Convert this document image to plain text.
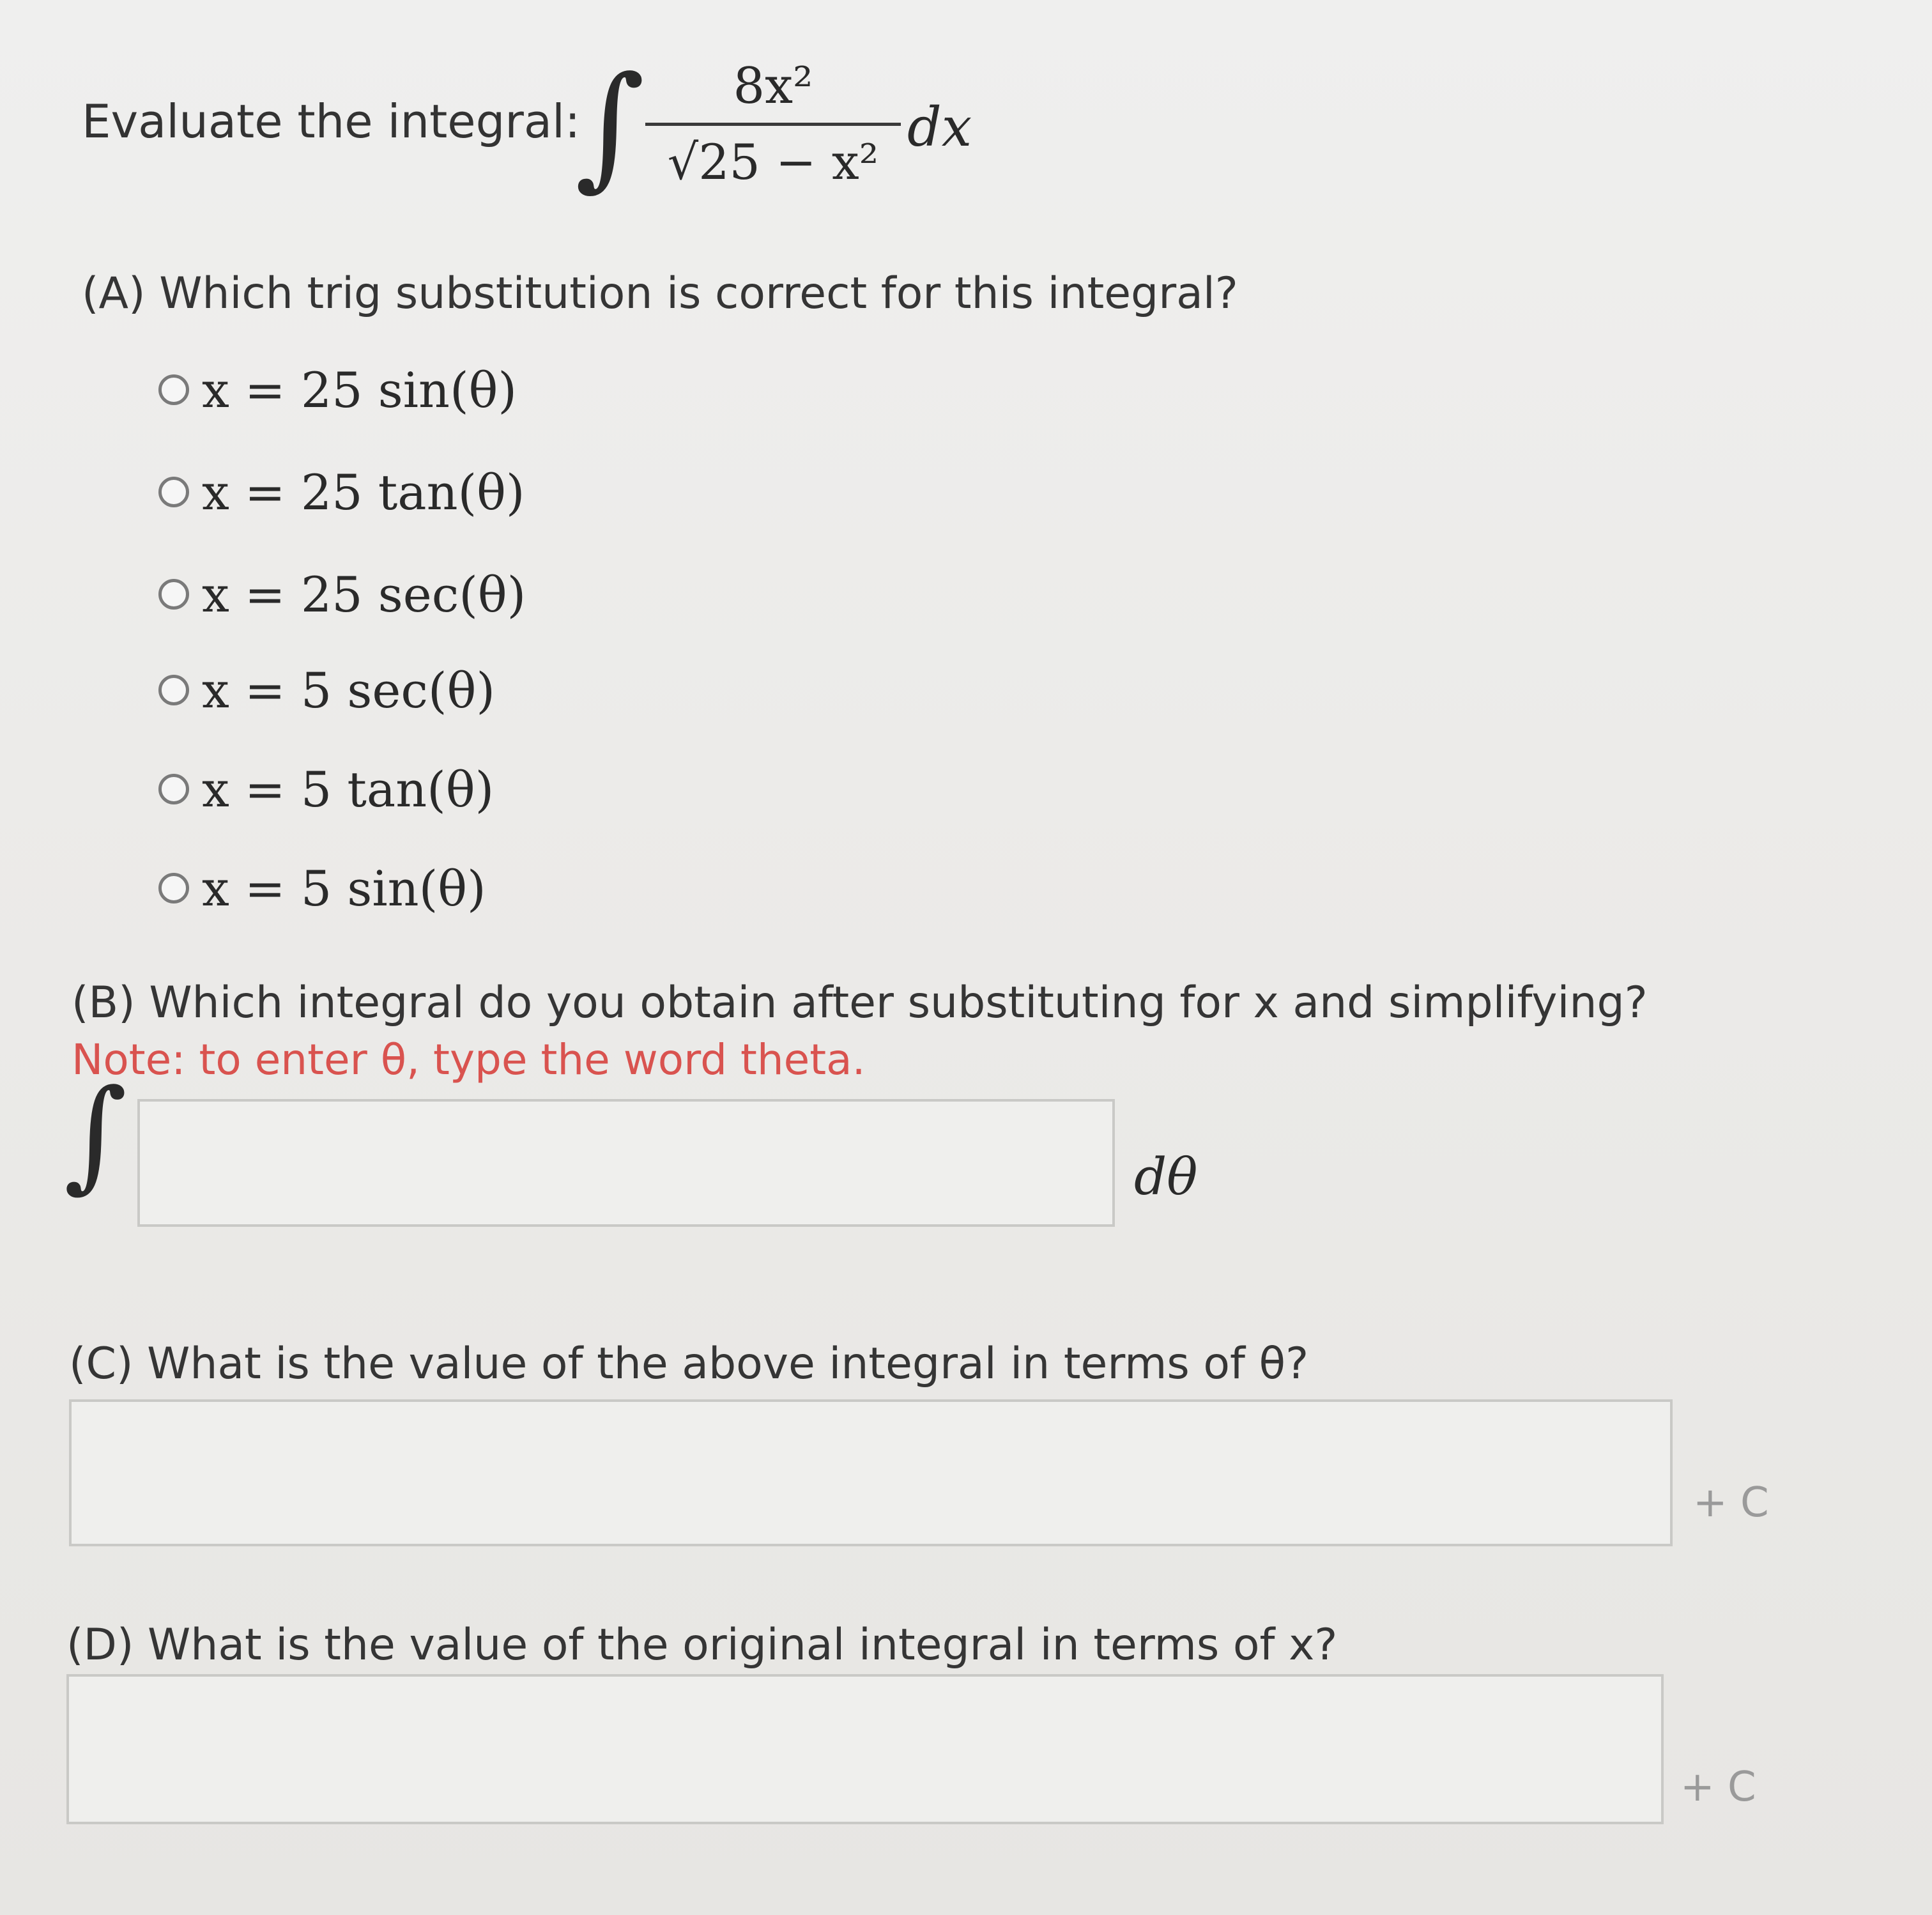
Evaluate the integral:
∫	8x²
√25 − x²
dx
(A) Which trig substitution is correct for this integral?
x = 25 sin(θ)
x = 25 tan(θ)
x = 25 sec(θ)
x = 5 sec(θ)
x = 5 tan(θ)
x = 5 sin(θ)
(B) Which integral do you obtain after substituting for x and simplifying?
Note: to enter θ, type the word theta.
∫	dθ
(C) What is the value of the above integral in terms of θ?
+ C
(D) What is the value of the original integral in terms of x?
+ C
